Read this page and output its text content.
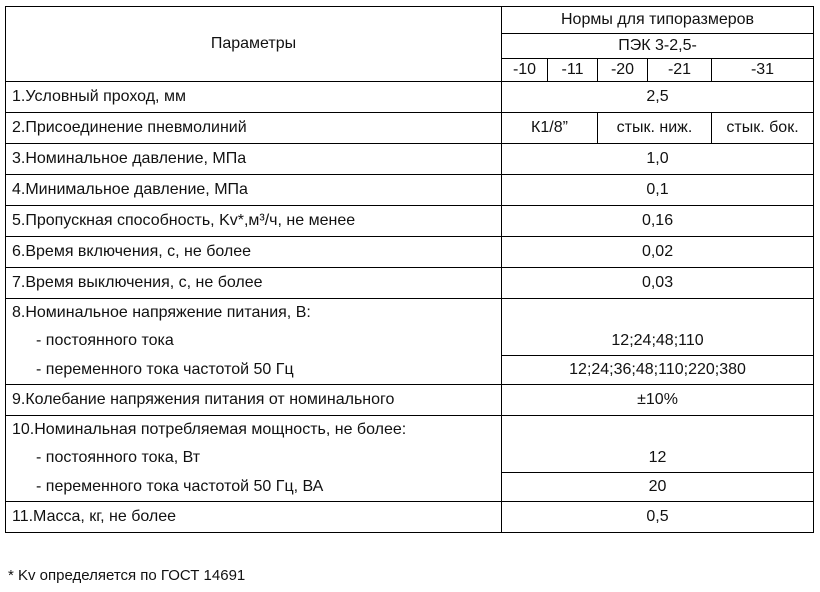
Параметры	Нормы для типоразмеров				
	ПЭК 3-2,5-				
	-10	-11	-20	-21	-31
1.Условный проход, мм	2,5				
2.Присоединение пневмолиний	К1/8”		стык. ниж.		стык. бок.
3.Номинальное давление, МПа	1,0				
4.Минимальное давление, МПа	0,1				
5.Пропускная способность, Kv*,м³/ч, не менее	0,16				
6.Время включения, с, не более	0,02				
7.Время выключения, с, не более	0,03				
8.Номинальное напряжение питания, В:					
- постоянного тока	12;24;48;110				
- переменного тока частотой 50 Гц	12;24;36;48;110;220;380				
9.Колебание напряжения питания от номинального	±10%				
10.Номинальная потребляемая мощность, не более:					
- постоянного тока, Вт	12				
- переменного тока частотой 50 Гц, ВА	20				
11.Масса, кг, не более	0,5				
* Kv определяется по ГОСТ 14691
